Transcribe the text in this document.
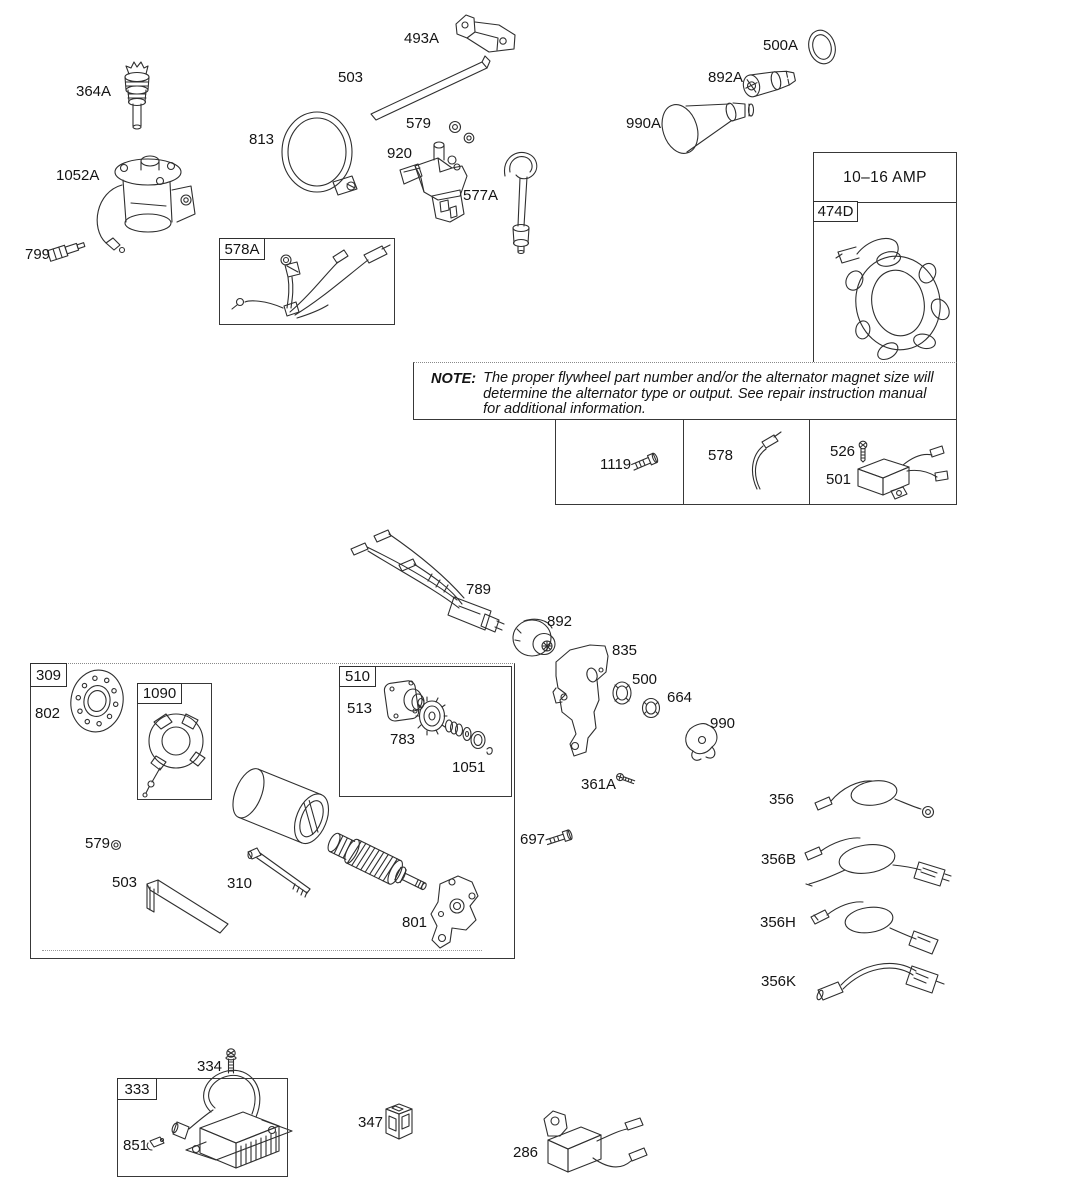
10–16 AMP
NOTE: The proper flywheel part number and/or the alternator magnet size will
determine the alternator type or output. See repair instruction manual
for additional information.
578A
474D
309
1090
510
333
364A
493A
503
500A
892A
990A
813
579
920
577A
1052A
799
1119
578	526
501
789
892
835
500
664
990
802	513
783
1051
361A
356
579	697
503	310
356B
801	356H
356K
334
851
347
286
